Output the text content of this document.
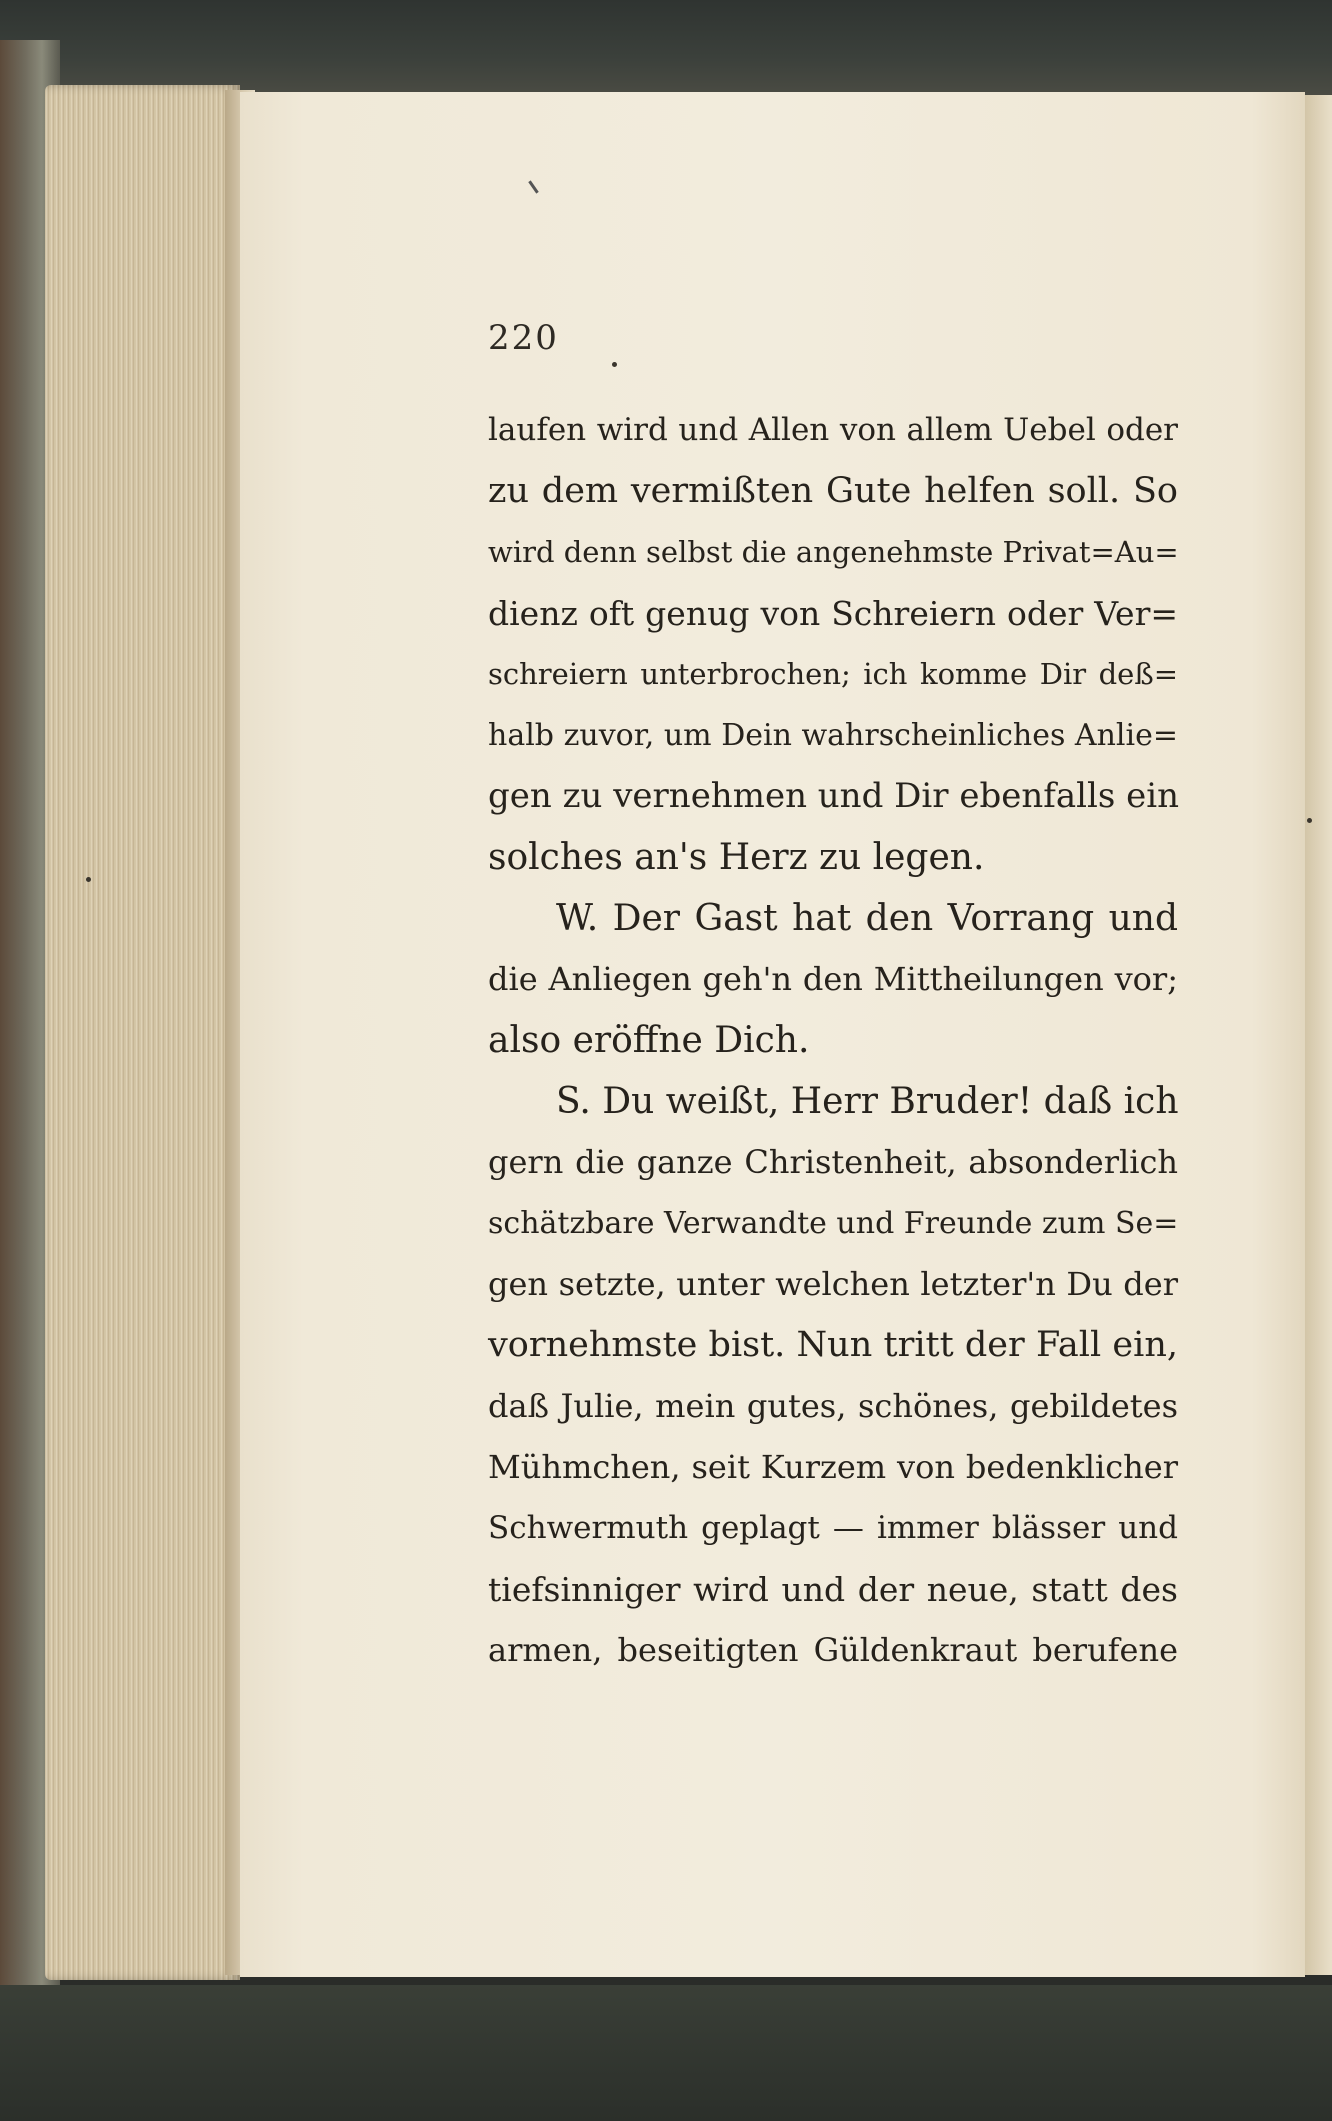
220
laufen wird und Allen von allem Uebel oder
zu dem vermißten Gute helfen soll. So
wird denn selbst die angenehmste Privat=Au=
dienz oft genug von Schreiern oder Ver=
schreiern unterbrochen; ich komme Dir deß=
halb zuvor, um Dein wahrscheinliches Anlie=
gen zu vernehmen und Dir ebenfalls ein
solches an's Herz zu legen.
W. Der Gast hat den Vorrang und
die Anliegen geh'n den Mittheilungen vor;
also eröffne Dich.
S. Du weißt, Herr Bruder! daß ich
gern die ganze Christenheit, absonderlich
schätzbare Verwandte und Freunde zum Se=
gen setzte, unter welchen letzter'n Du der
vornehmste bist. Nun tritt der Fall ein,
daß Julie, mein gutes, schönes, gebildetes
Mühmchen, seit Kurzem von bedenklicher
Schwermuth geplagt — immer blässer und
tiefsinniger wird und der neue, statt des
armen, beseitigten Güldenkraut berufene
